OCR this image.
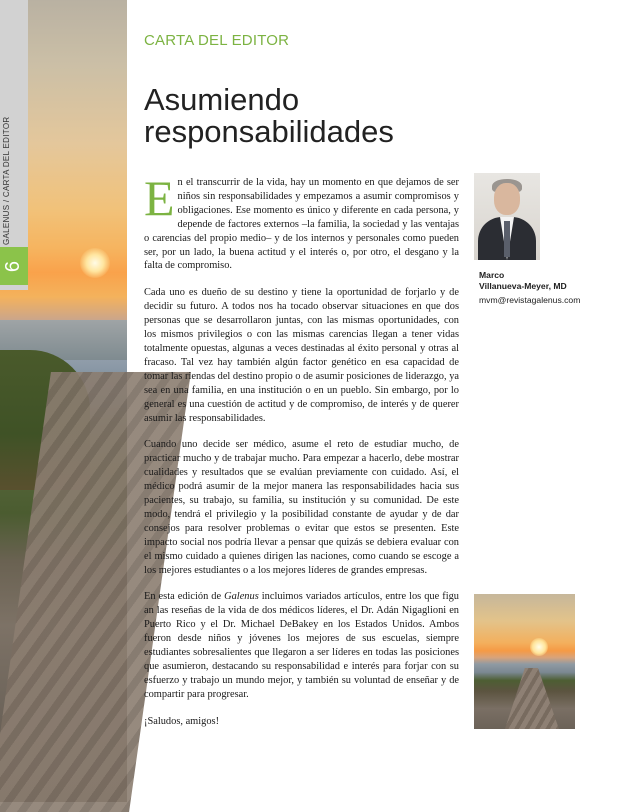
GALENUS / CARTA DEL EDITOR
6
CARTA DEL EDITOR
Asumiendo responsabilidades

En el transcurrir de la vida, hay un momento en que dejamos de ser niños sin responsabilidades y empezamos a asumir compromisos y obligaciones. Ese momento es único y diferente en cada persona, y depende de factores externos –la familia, la sociedad y las ventajas o carencias del propio medio– y de los internos y personales como pueden ser, por un lado, la buena actitud y el interés o, por otro, el desgano y la falta de compromiso.

Cada uno es dueño de su destino y tiene la oportunidad de forjarlo y de decidir su futuro. A todos nos ha tocado observar situaciones en que dos personas que se desarrollaron juntas, con las mismas oportunidades, con los mismos privilegios o con las mismas carencias llegan a tener vidas totalmente opuestas, algunas a veces destinadas al éxito personal y otras al fracaso. Tal vez hay también algún factor genético en esa capacidad de tomar las riendas del destino propio o de asumir posiciones de liderazgo, ya sea en una familia, en una institución o en un pueblo. Sin embargo, por lo general es una cuestión de actitud y de compromiso, de interés y de querer asumir las responsabilidades.

Cuando uno decide ser médico, asume el reto de estudiar mucho, de practicar mucho y de trabajar mucho. Para empezar a hacerlo, debe mostrar cualidades y resultados que se evalúan previamente con cuidado. Así, el médico podrá asumir de la mejor manera las responsabilidades hacia sus pacientes, su trabajo, su familia, su institución y su comunidad. De este modo, tendrá el privilegio y la posibilidad constante de ayudar y de dar consejos para resolver problemas o evitar que estos se presenten. Este impacto social nos podría llevar a pensar que quizás se debiera evaluar con el mismo cuidado a quienes dirigen las naciones, como cuando se escoge a los mejores estudiantes o a los mejores líderes de grandes empresas.

En esta edición de Galenus incluimos variados artículos, entre los que figu an las reseñas de la vida de dos médicos líderes, el Dr. Adán Nigaglioni en Puerto Rico y el Dr. Michael DeBakey en los Estados Unidos. Ambos fueron desde niños y jóvenes los mejores de sus escuelas, siempre estudiantes sobresalientes que llegaron a ser líderes en todas las posiciones que asumieron, destacando su responsabilidad e interés para forjar con su esfuerzo y trabajo un mundo mejor, y también su voluntad de enseñar y de compartir para progresar.

¡Saludos, amigos!

Marco
Villanueva-Meyer, MD
mvm@revistagalenus.com
